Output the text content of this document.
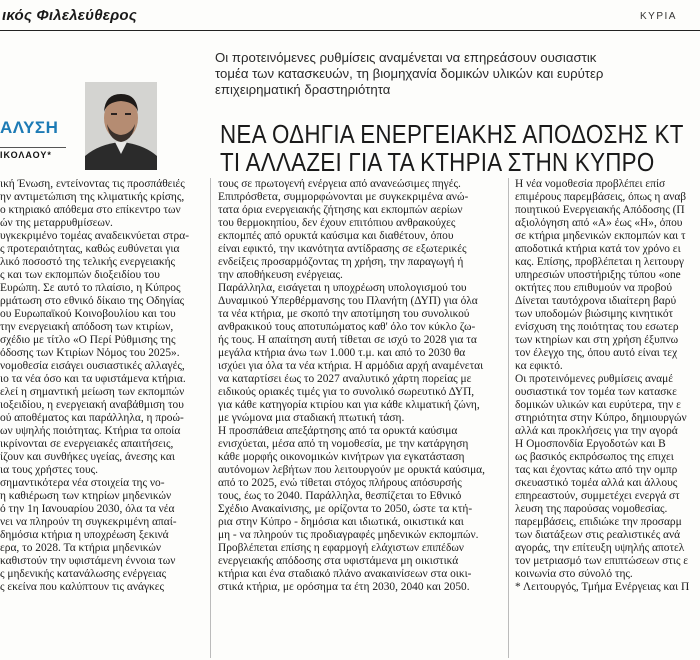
ικός Φιλελεύθερος	ΚΥΡΙΑ
Οι προτεινόμενες ρυθμίσεις αναμένεται να επηρεάσουν ουσιαστικ
τομέα των κατασκευών, τη βιομηχανία δομικών υλικών και ευρύτερ
επιχειρηματική δραστηριότητα
ΑΛΥΣΗ
ΙΚΟΛΑΟΥ*
ΝΕΑ ΟΔΗΓΙΑ ΕΝΕΡΓΕΙΑΚΗΣ ΑΠΟΔΟΣΗΣ ΚΤ
ΤΙ ΑΛΛΑΖΕΙ ΓΙΑ ΤΑ ΚΤΗΡΙΑ ΣΤΗΝ ΚΥΠΡΟ
ική Ένωση, εντείνοντας τις προσπάθειές
ην αντιμετώπιση της κλιματικής κρίσης,
ο κτηριακό απόθεμα στο επίκεντρο των
ών της μεταρρυθμίσεων.
υγκεκριμένο τομέας αναδεικνύεται στρα-
ς προτεραιότητας, καθώς ευθύνεται για
λικό ποσοστό της τελικής ενεργειακής
ς και των εκπομπών διοξειδίου του
Ευρώπη. Σε αυτό το πλαίσιο, η Κύπρος
ρμάτωση στο εθνικό δίκαιο της Οδηγίας
ου Ευρωπαϊκού Κοινοβουλίου και του
την ενεργειακή απόδοση των κτιρίων,
σχέδιο με τίτλο «Ο Περί Ρύθμισης της
όδοσης των Κτιρίων Νόμος του 2025».
νομοθεσία εισάγει ουσιαστικές αλλαγές,
ιο τα νέα όσο και τα υφιστάμενα κτήρια.
ελεί η σημαντική μείωση των εκπομπών
ιοξειδίου, η ενεργειακή αναβάθμιση του
ού αποθέματος και παράλληλα, η προώ-
ων υψηλής ποιότητας. Κτήρια τα οποία
ικρίνονται σε ενεργειακές απαιτήσεις,
ίζουν και συνθήκες υγείας, άνεσης και
ια τους χρήστες τους.
σημαντικότερα νέα στοιχεία της νο-
η καθιέρωση των κτηρίων μηδενικών
ό την 1η Ιανουαρίου 2030, όλα τα νέα
νει να πληρούν τη συγκεκριμένη απαί-
δημόσια κτήρια η υποχρέωση ξεκινά
ερα, το 2028. Τα κτήρια μηδενικών
καθιστούν την υφιστάμενη έννοια των
ς μηδενικής κατανάλωσης ενέργειας
ς εκείνα που καλύπτουν τις ανάγκες
τους σε πρωτογενή ενέργεια από ανανεώσιμες πηγές.
Επιπρόσθετα, συμμορφώνονται με συγκεκριμένα ανώ-
τατα όρια ενεργειακής ζήτησης και εκπομπών αερίων
του θερμοκηπίου, δεν έχουν επιτόπιου ανθρακούχες
εκπομπές από ορυκτά καύσιμα και διαθέτουν, όπου
είναι εφικτό, την ικανότητα αντίδρασης σε εξωτερικές
ενδείξεις προσαρμόζοντας τη χρήση, την παραγωγή ή
την αποθήκευση ενέργειας.
Παράλληλα, εισάγεται η υποχρέωση υπολογισμού του
Δυναμικού Υπερθέρμανσης του Πλανήτη (ΔΥΠ) για όλα
τα νέα κτήρια, με σκοπό την αποτίμηση του συνολικού
ανθρακικού τους αποτυπώματος καθ' όλο τον κύκλο ζω-
ής τους. Η απαίτηση αυτή τίθεται σε ισχύ το 2028 για τα
μεγάλα κτήρια άνω των 1.000 τ.μ. και από το 2030 θα
ισχύει για όλα τα νέα κτήρια. Η αρμόδια αρχή αναμένεται
να καταρτίσει έως το 2027 αναλυτικό χάρτη πορείας με
ειδικούς οριακές τιμές για το συνολικό σωρευτικό ΔΥΠ,
για κάθε κατηγορία κτιρίου και για κάθε κλιματική ζώνη,
με γνώμονα μια σταδιακή πτωτική τάση.
Η προσπάθεια απεξάρτησης από τα ορυκτά καύσιμα
ενισχύεται, μέσα από τη νομοθεσία, με την κατάργηση
κάθε μορφής οικονομικών κινήτρων για εγκατάσταση
αυτόνομων λεβήτων που λειτουργούν με ορυκτά καύσιμα,
από το 2025, ενώ τίθεται στόχος πλήρους απόσυρσής
τους, έως το 2040. Παράλληλα, θεσπίζεται το Εθνικό
Σχέδιο Ανακαίνισης, με ορίζοντα το 2050, ώστε τα κτή-
ρια στην Κύπρο - δημόσια και ιδιωτικά, οικιστικά και
μη - να πληρούν τις προδιαγραφές μηδενικών εκπομπών.
Προβλέπεται επίσης η εφαρμογή ελάχιστων επιπέδων
ενεργειακής απόδοσης στα υφιστάμενα μη οικιστικά
κτήρια και ένα σταδιακό πλάνο ανακαινίσεων στα οικι-
στικά κτήρια, με ορόσημα τα έτη 2030, 2040 και 2050.
Η νέα νομοθεσία προβλέπει επίσ
επιμέρους παρεμβάσεις, όπως η αναβ
ποιητικού Ενεργειακής Απόδοσης (Π
αξιολόγηση από «Α» έως «Η», όπου
σε κτήρια μηδενικών εκπομπών και τ
αποδοτικά κτήρια κατά τον χρόνο ει
κας. Επίσης, προβλέπεται η λειτουργ
υπηρεσιών υποστήριξης τύπου «one
οκτήτες που επιθυμούν να προβού
Δίνεται ταυτόχρονα ιδιαίτερη βαρύ
των υποδομών βιώσιμης κινητικότ
ενίσχυση της ποιότητας του εσωτερ
των κτηρίων και στη χρήση έξυπνω
τον έλεγχο της, όπου αυτό είναι τεχ
κα εφικτό.
Οι προτεινόμενες ρυθμίσεις αναμέ
ουσιαστικά τον τομέα των κατασκε
δομικών υλικών και ευρύτερα, την ε
στηριότητα στην Κύπρο, δημιουργών
αλλά και προκλήσεις για την αγορά
Η Ομοσπονδία Εργοδοτών και Β
ως βασικός εκπρόσωπος της επιχει
τας και έχοντας κάτω από την ομπρ
σκευαστικό τομέα αλλά και άλλους
επηρεαστούν, συμμετέχει ενεργά στ
λευση της παρούσας νομοθεσίας.
παρεμβάσεις, επιδιώκε την προσαρμ
των διατάξεων στις ρεαλιστικές ανά
αγοράς, την επίτευξη υψηλής αποτελ
τον μετριασμό των επιπτώσεων στις ε
κοινωνία στο σύνολό της.
* Λειτουργός, Τμήμα Ενέργειας και Π
